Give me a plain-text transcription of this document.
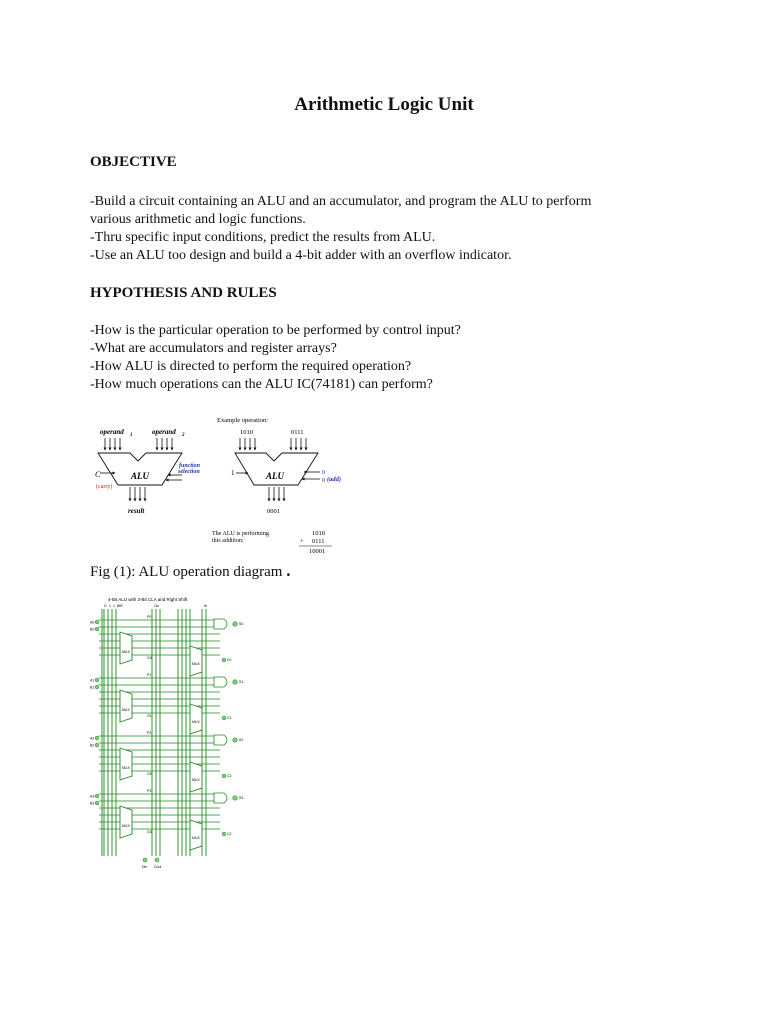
Arithmetic Logic Unit
OBJECTIVE
-Build a circuit containing an ALU and an accumulator, and program the ALU to perform
various arithmetic and logic functions.
-Thru specific input conditions, predict the results from ALU.
-Use an ALU too design and build a 4-bit adder with an overflow indicator.
HYPOTHESIS AND RULES
-How is the particular operation to be performed by control input?
-What are accumulators and register arrays?
-How ALU is directed to perform the required operation?
-How much operations can the ALU IC(74181) can perform?
operand 1	operand 2
ALU
C
(carry)
function
selection
result
Example operation:
1010	0111
ALU
1	0
0 (add)
0001
The ALU is performing
this addition:
1010
+ 0111
10001
Fig (1): ALU operation diagram .
4-Bit ALU with 3-Bit CLA and Right Shift
D 1 1 BIR	Cin	M
A0
B0
MUX
MUX
C0
P0
G0
S0
A1
B1
MUX
MUX
C1
P1
G1
S1
A2
B2
MUX
MUX
C2
P2
G2
S2
A3
B3
MUX
MUX
C2
P3
G3
S3
Din Cout
